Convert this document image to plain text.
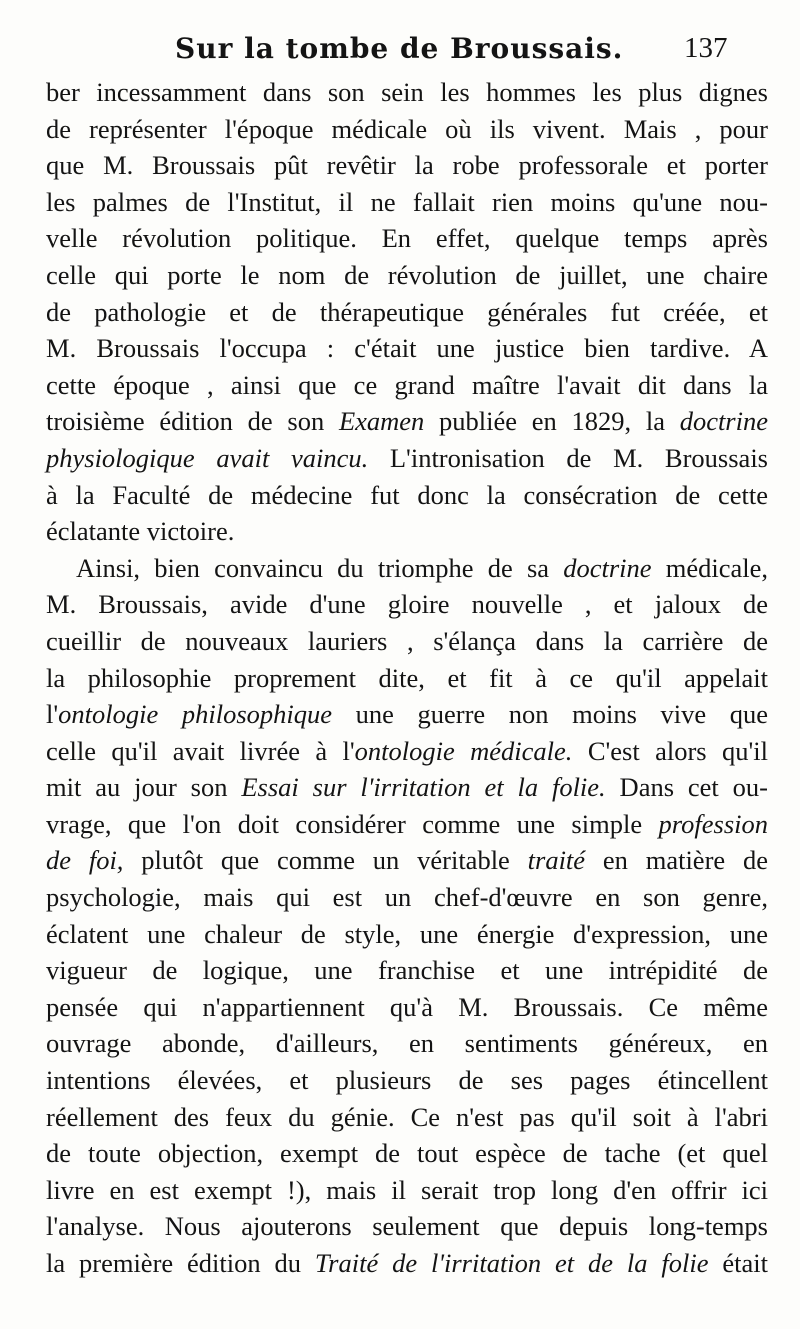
Sur la tombe de Broussais. 137
ber incessamment dans son sein les hommes les plus dignes
de représenter l'époque médicale où ils vivent. Mais , pour
que M. Broussais pût revêtir la robe professorale et porter
les palmes de l'Institut, il ne fallait rien moins qu'une nou-
velle révolution politique. En effet, quelque temps après
celle qui porte le nom de révolution de juillet, une chaire
de pathologie et de thérapeutique générales fut créée, et
M. Broussais l'occupa : c'était une justice bien tardive. A
cette époque , ainsi que ce grand maître l'avait dit dans la
troisième édition de son Examen publiée en 1829, la doctrine
physiologique avait vaincu. L'intronisation de M. Broussais
à la Faculté de médecine fut donc la consécration de cette
éclatante victoire.
Ainsi, bien convaincu du triomphe de sa doctrine médicale,
M. Broussais, avide d'une gloire nouvelle , et jaloux de
cueillir de nouveaux lauriers , s'élança dans la carrière de
la philosophie proprement dite, et fit à ce qu'il appelait
l'ontologie philosophique une guerre non moins vive que
celle qu'il avait livrée à l'ontologie médicale. C'est alors qu'il
mit au jour son Essai sur l'irritation et la folie. Dans cet ou-
vrage, que l'on doit considérer comme une simple profession
de foi, plutôt que comme un véritable traité en matière de
psychologie, mais qui est un chef-d'œuvre en son genre,
éclatent une chaleur de style, une énergie d'expression, une
vigueur de logique, une franchise et une intrépidité de
pensée qui n'appartiennent qu'à M. Broussais. Ce même
ouvrage abonde, d'ailleurs, en sentiments généreux, en
intentions élevées, et plusieurs de ses pages étincellent
réellement des feux du génie. Ce n'est pas qu'il soit à l'abri
de toute objection, exempt de tout espèce de tache (et quel
livre en est exempt !), mais il serait trop long d'en offrir ici
l'analyse. Nous ajouterons seulement que depuis long-temps
la première édition du Traité de l'irritation et de la folie était
